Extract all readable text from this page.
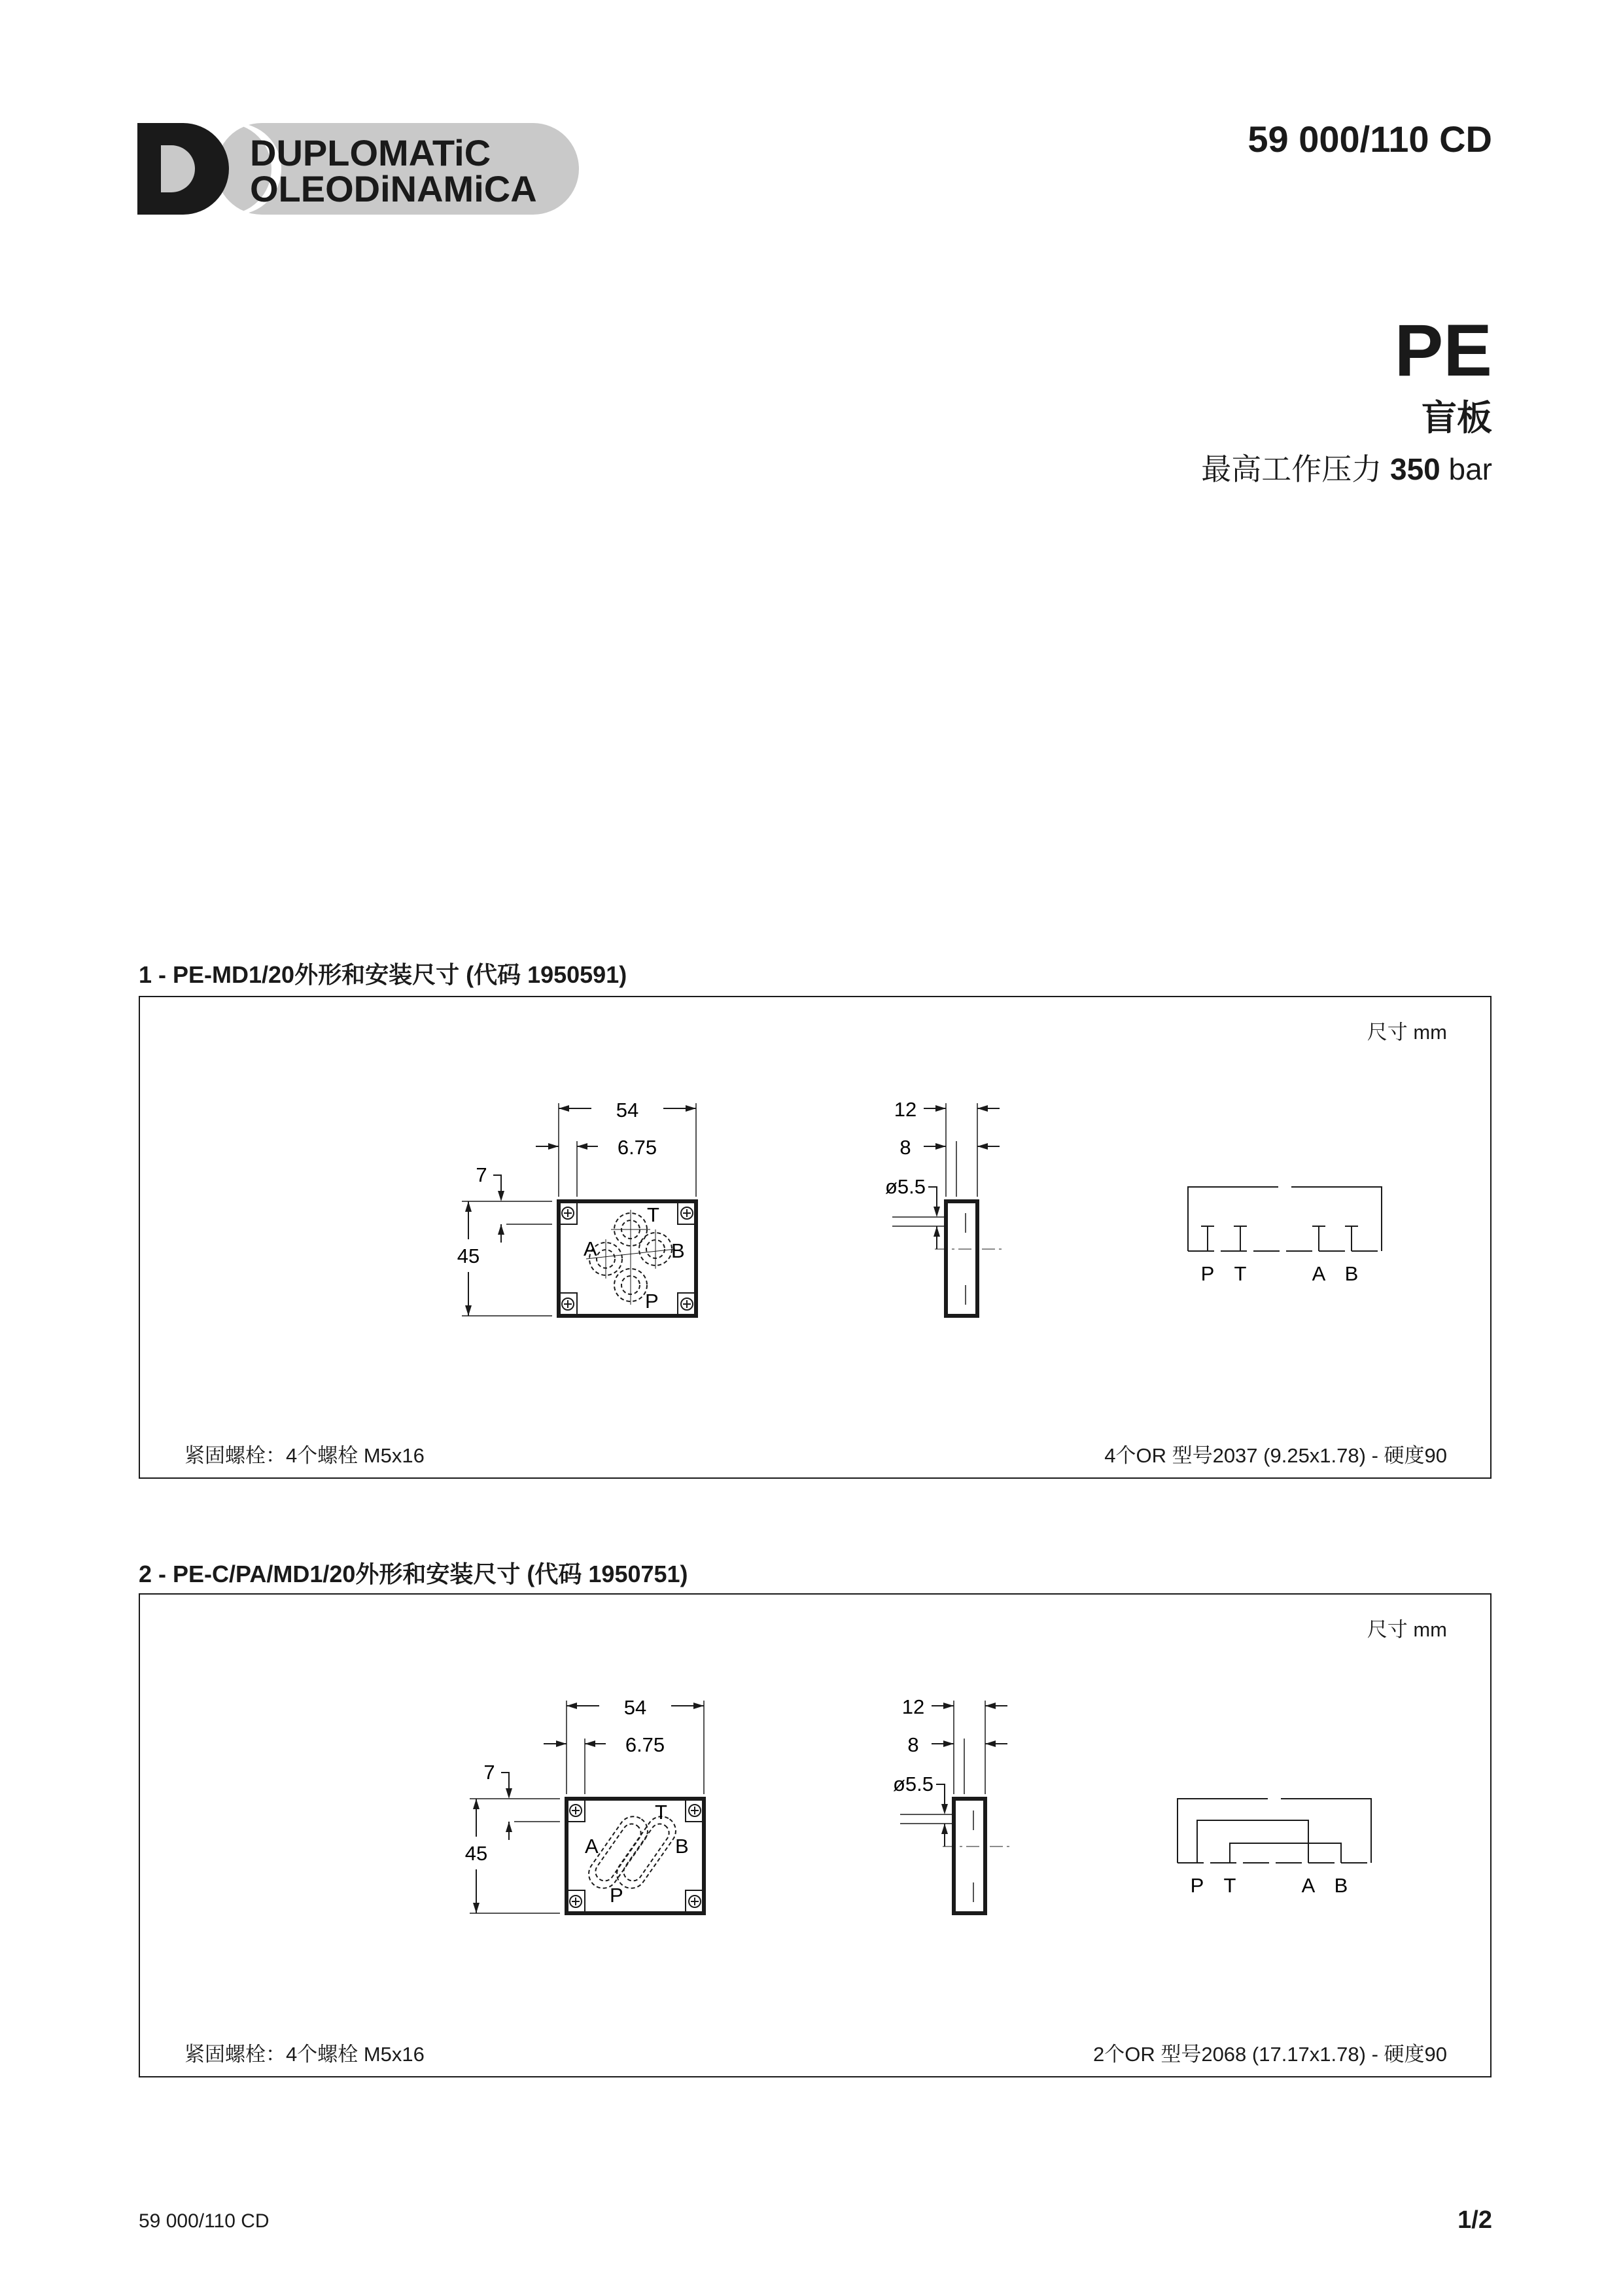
DUPLOMATiC
OLEODiNAMiCA
59 000/110 CD
PE
盲板
最高工作压力 350 bar
1 - PE-MD1/20外形和安装尺寸 (代码 1950591)
54
6.75
7
45	A	B
T
P
12
8
ø5.5
P T	A B
尺寸 mm
紧固螺栓：4个螺栓 M5x16	4个OR 型号2037 (9.25x1.78) - 硬度90
2 - PE-C/PA/MD1/20外形和安装尺寸 (代码 1950751)
54
6.75
7
45	A	B
T
P
12
8
ø5.5
P T	A B
尺寸 mm
紧固螺栓：4个螺栓 M5x16	2个OR 型号2068 (17.17x1.78) - 硬度90
59 000/110 CD	1/2
